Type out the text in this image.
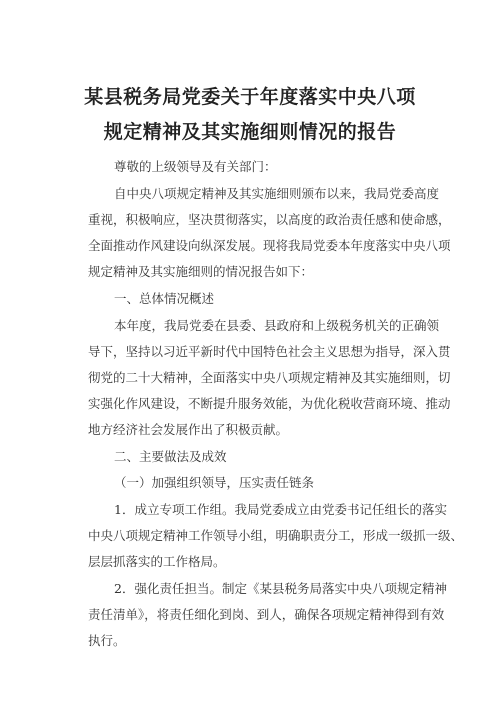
某县税务局党委关于年度落实中央八项
规定精神及其实施细则情况的报告
尊敬的上级领导及有关部门：
自中央八项规定精神及其实施细则颁布以来，我局党委高度
重视，积极响应，坚决贯彻落实，以高度的政治责任感和使命感，
全面推动作风建设向纵深发展。现将我局党委本年度落实中央八项
规定精神及其实施细则的情况报告如下：
一、总体情况概述
本年度，我局党委在县委、县政府和上级税务机关的正确领
导下，坚持以习近平新时代中国特色社会主义思想为指导，深入贯
彻党的二十大精神，全面落实中央八项规定精神及其实施细则，切
实强化作风建设，不断提升服务效能，为优化税收营商环境、推动
地方经济社会发展作出了积极贡献。
二、主要做法及成效
（一）加强组织领导，压实责任链条
1．成立专项工作组。我局党委成立由党委书记任组长的落实
中央八项规定精神工作领导小组，明确职责分工，形成一级抓一级、
层层抓落实的工作格局。
2．强化责任担当。制定《某县税务局落实中央八项规定精神
责任清单》，将责任细化到岗、到人，确保各项规定精神得到有效
执行。
